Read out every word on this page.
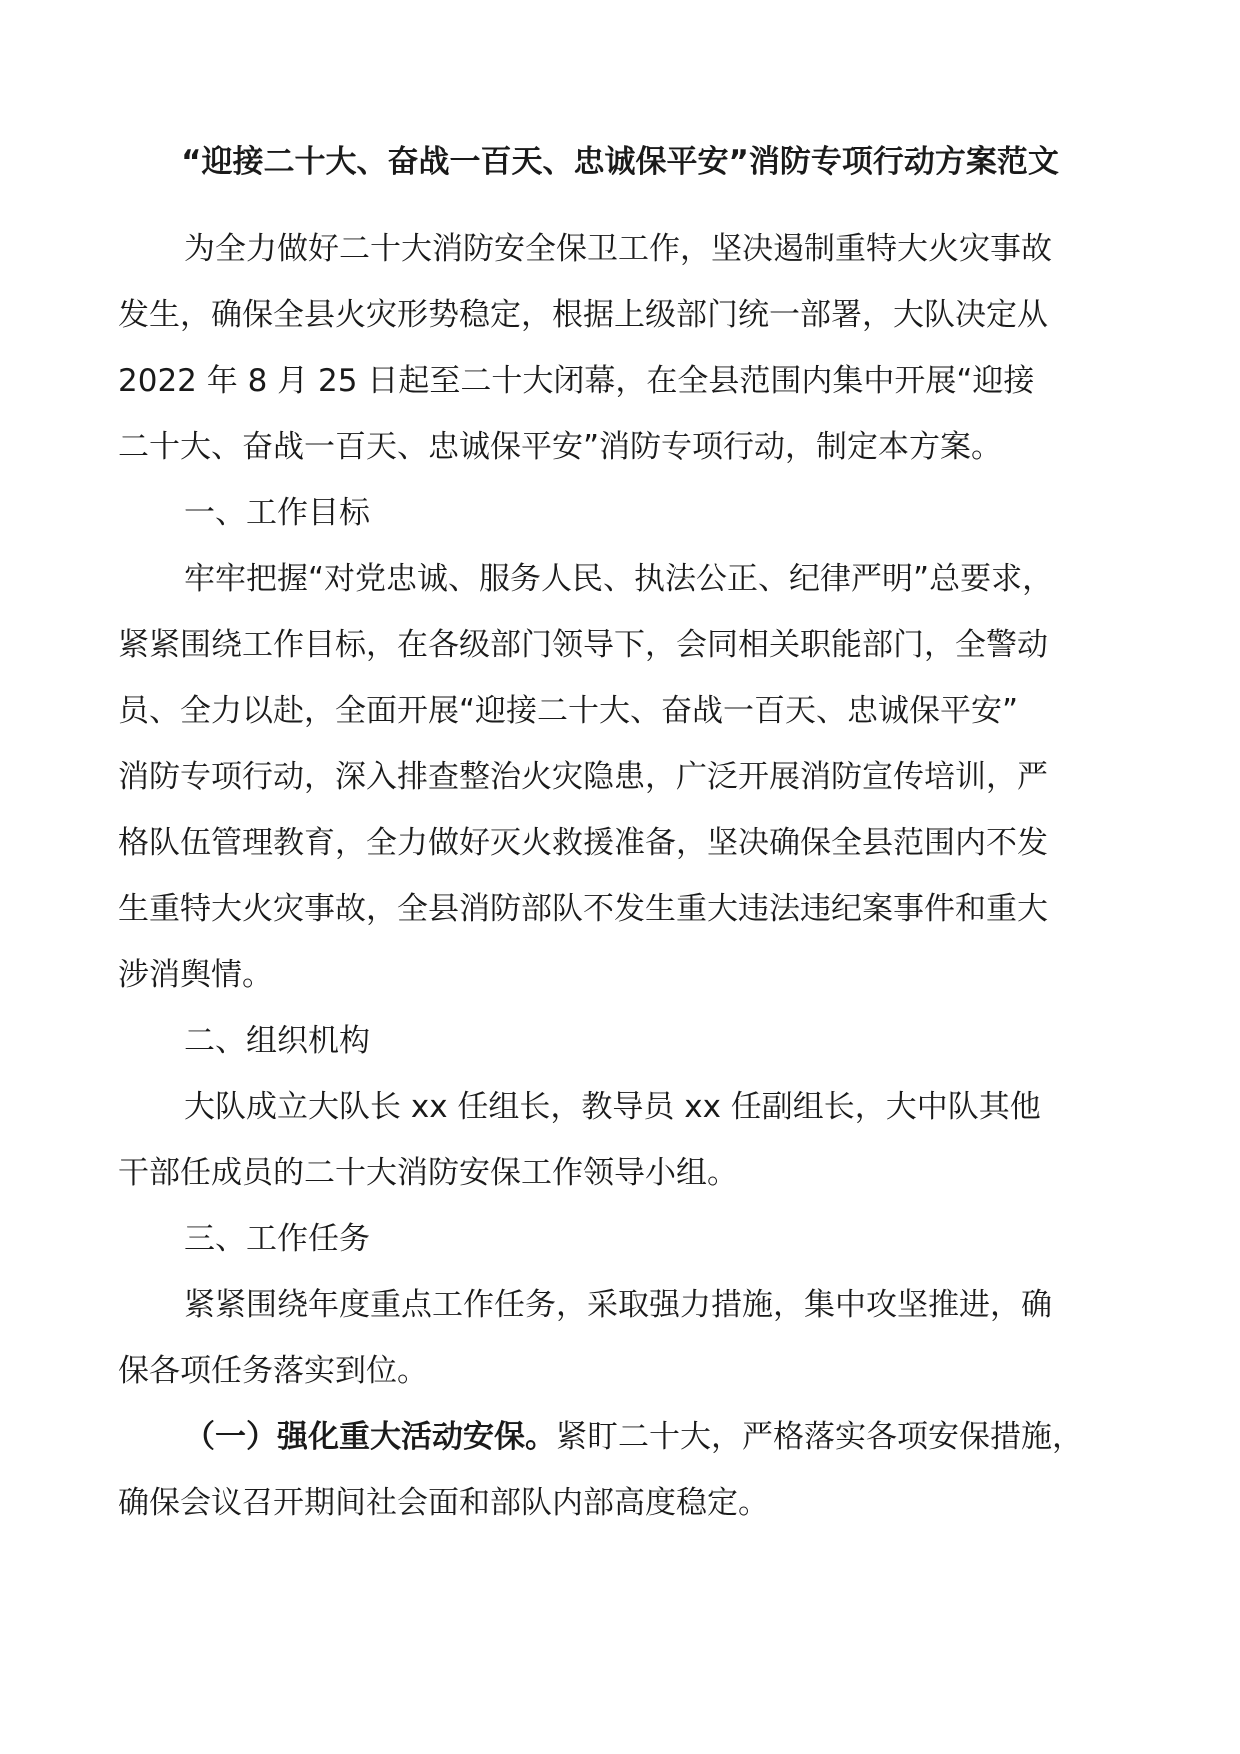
“迎接二十大、奋战一百天、忠诚保平安”消防专项行动方案范文
为全力做好二十大消防安全保卫工作，坚决遏制重特大火灾事故
发生，确保全县火灾形势稳定，根据上级部门统一部署，大队决定从
2022 年 8 月 25 日起至二十大闭幕，在全县范围内集中开展“迎接
二十大、奋战一百天、忠诚保平安”消防专项行动，制定本方案。
一、工作目标
牢牢把握“对党忠诚、服务人民、执法公正、纪律严明”总要求，
紧紧围绕工作目标，在各级部门领导下，会同相关职能部门，全警动
员、全力以赴，全面开展“迎接二十大、奋战一百天、忠诚保平安”
消防专项行动，深入排查整治火灾隐患，广泛开展消防宣传培训，严
格队伍管理教育，全力做好灭火救援准备，坚决确保全县范围内不发
生重特大火灾事故，全县消防部队不发生重大违法违纪案事件和重大
涉消舆情。
二、组织机构
大队成立大队长 xx 任组长，教导员 xx 任副组长，大中队其他
干部任成员的二十大消防安保工作领导小组。
三、工作任务
紧紧围绕年度重点工作任务，采取强力措施，集中攻坚推进，确
保各项任务落实到位。
（一）强化重大活动安保。紧盯二十大，严格落实各项安保措施，
确保会议召开期间社会面和部队内部高度稳定。
